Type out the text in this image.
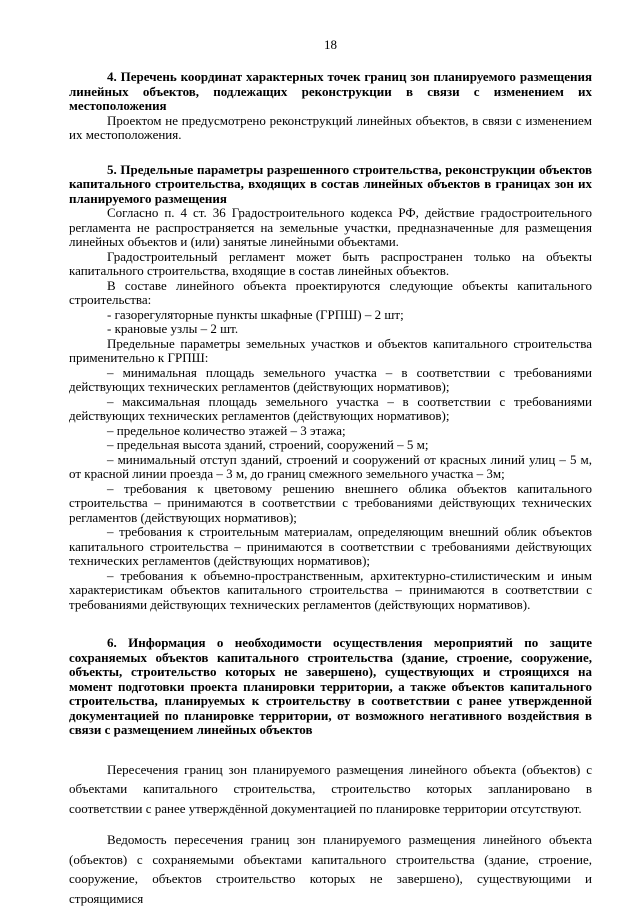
18

4. Перечень координат характерных точек границ зон планируемого размещения линейных объектов, подлежащих реконструкции в связи с изменением их местоположения

Проектом не предусмотрено реконструкций линейных объектов, в связи с изменением их местоположения.

5. Предельные параметры разрешенного строительства, реконструкции объектов капитального строительства, входящих в состав линейных объектов в границах зон их планируемого размещения

Согласно п. 4 ст. 36 Градостроительного кодекса РФ, действие градостроительного регламента не распространяется на земельные участки, предназначенные для размещения линейных объектов и (или) занятые линейными объектами.

Градостроительный регламент может быть распространен только на объекты капитального строительства, входящие в состав линейных объектов.

В составе линейного объекта проектируются следующие объекты капитального строительства:

- газорегуляторные пункты шкафные (ГРПШ) – 2 шт;

- крановые узлы – 2 шт.

Предельные параметры земельных участков и объектов капитального строительства применительно к ГРПШ:

– минимальная площадь земельного участка – в соответствии с требованиями действующих технических регламентов (действующих нормативов);

– максимальная площадь земельного участка – в соответствии с требованиями действующих технических регламентов (действующих нормативов);

– предельное количество этажей – 3 этажа;

– предельная высота зданий, строений, сооружений – 5 м;

– минимальный отступ зданий, строений и сооружений от красных линий улиц – 5 м, от красной линии проезда – 3 м, до границ смежного земельного участка – 3м;

– требования к цветовому решению внешнего облика объектов капитального строительства – принимаются в соответствии с требованиями действующих технических регламентов (действующих нормативов);

– требования к строительным материалам, определяющим внешний облик объектов капитального строительства – принимаются в соответствии с требованиями действующих технических регламентов (действующих нормативов);

– требования к объемно-пространственным, архитектурно-стилистическим и иным характеристикам объектов капитального строительства – принимаются в соответствии с требованиями действующих технических регламентов (действующих нормативов).

6. Информация о необходимости осуществления мероприятий по защите сохраняемых объектов капитального строительства (здание, строение, сооружение, объекты, строительство которых не завершено), существующих и строящихся на момент подготовки проекта планировки территории, а также объектов капитального строительства, планируемых к строительству в соответствии с ранее утвержденной документацией по планировке территории, от возможного негативного воздействия в связи с размещением линейных объектов

Пересечения границ зон планируемого размещения линейного объекта (объектов) с объектами капитального строительства, строительство которых запланировано в соответствии с ранее утверждённой документацией по планировке территории отсутствуют.

Ведомость пересечения границ зон планируемого размещения линейного объекта (объектов) с сохраняемыми объектами капитального строительства (здание, строение, сооружение, объектов строительство которых не завершено), существующими и строящимися
